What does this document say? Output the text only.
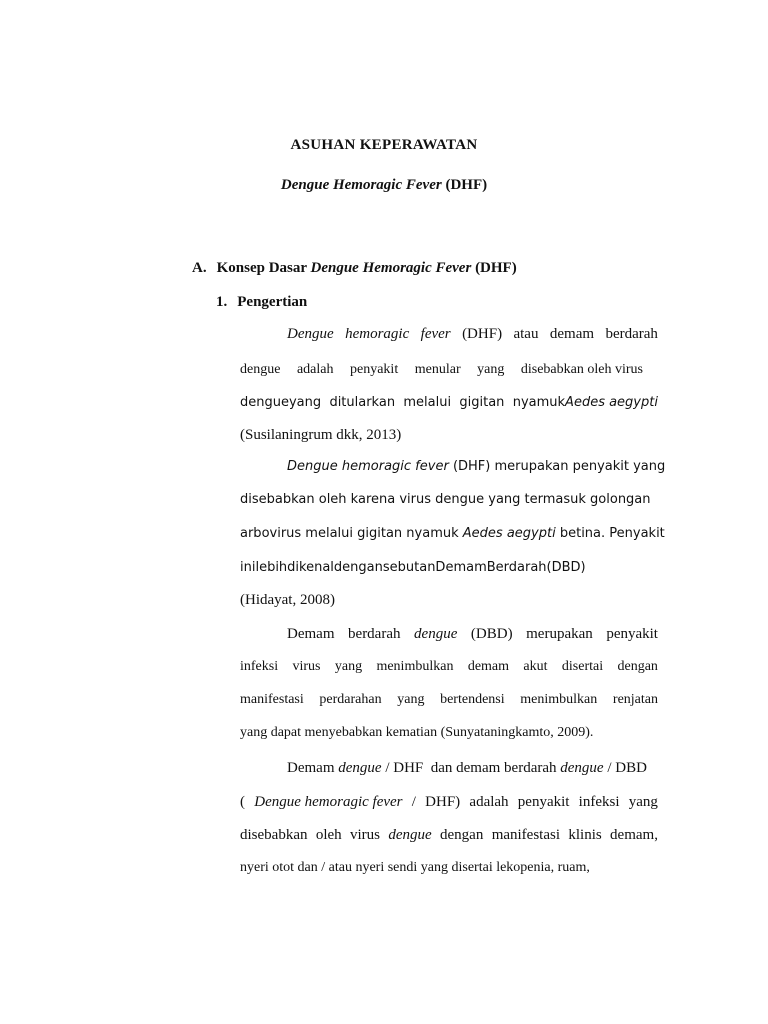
ASUHAN KEPERAWATAN
Dengue Hemoragic Fever (DHF)
A. Konsep Dasar Dengue Hemoragic Fever (DHF)
1. Pengertian
Dengue hemoragic fever (DHF) atau demam berdarah
dengue adalah penyakit menular yang disebabkan oleh virus
dengueyang ditularkan melalui gigitan nyamukAedes aegypti
(Susilaningrum dkk, 2013)
Dengue hemoragic fever (DHF) merupakan penyakit yang
disebabkan oleh karena virus dengue yang termasuk golongan
arbovirus melalui gigitan nyamuk Aedes aegypti betina. Penyakit
inilebihdikenaldengansebutanDemamBerdarah(DBD)
(Hidayat, 2008)
Demam berdarah dengue (DBD) merupakan penyakit
infeksi virus yang menimbulkan demam akut disertai dengan
manifestasi perdarahan yang bertendensi menimbulkan renjatan
yang dapat menyebabkan kematian (Sunyataningkamto, 2009).
Demam dengue / DHF  dan demam berdarah dengue / DBD
( Dengue hemoragic fever / DHF) adalah penyakit infeksi yang
disebabkan oleh virus dengue dengan manifestasi klinis demam,
nyeri otot dan / atau nyeri sendi yang disertai lekopenia, ruam,
